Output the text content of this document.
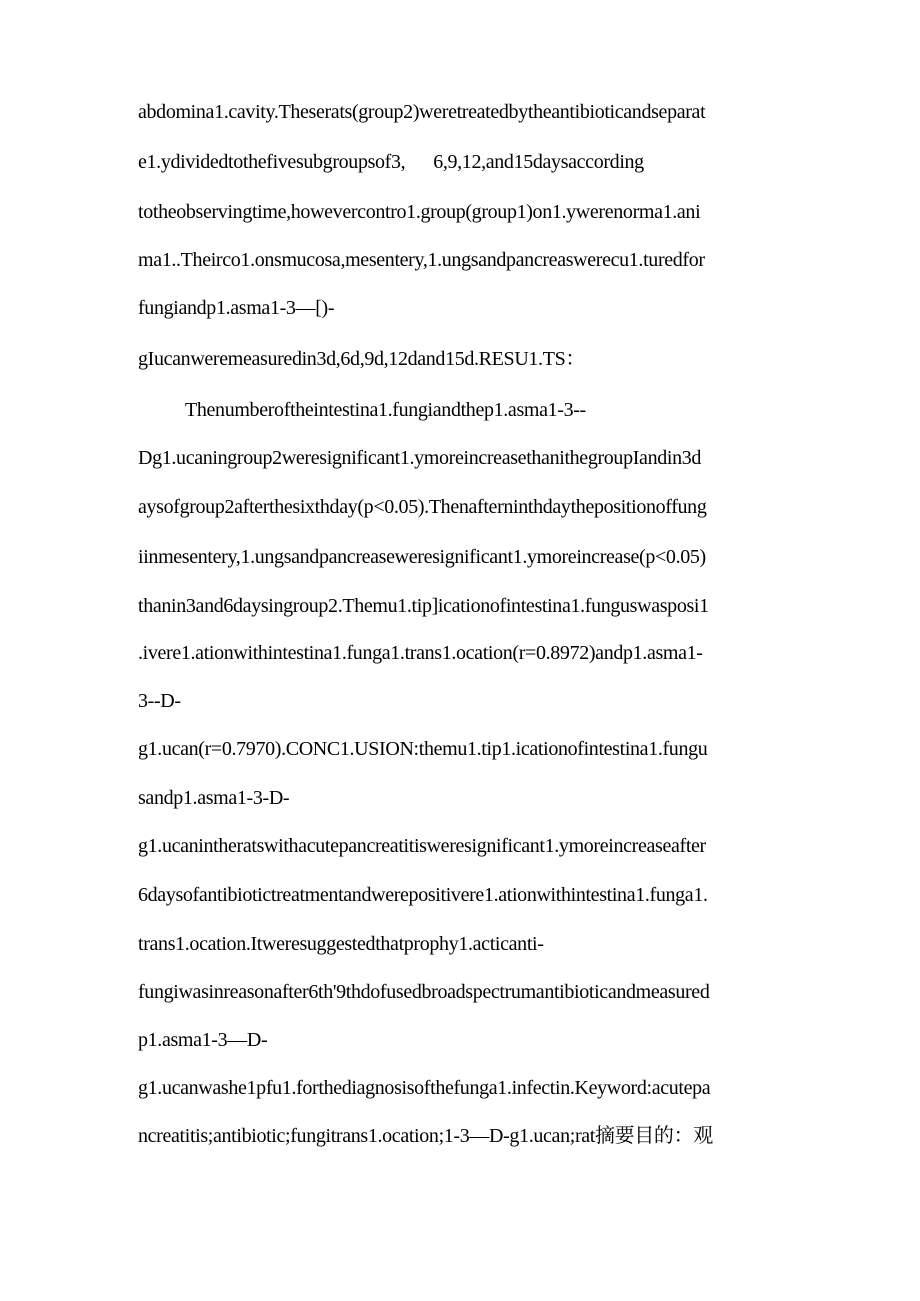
abdomina1.cavity.Theserats(group2)weretreatedbytheantibioticandseparat
e1.ydividedtothefivesubgroupsof3,      6,9,12,and15daysaccording
totheobservingtime,howevercontro1.group(group1)on1.ywerenorma1.ani
ma1..Theirco1.onsmucosa,mesentery,1.ungsandpancreaswerecu1.turedfor
fungiandp1.asma1-3—[)-
gIucanweremeasuredin3d,6d,9d,12dand15d.RESU1.TS：
Thenumberoftheintestina1.fungiandthep1.asma1-3--
Dg1.ucaningroup2weresignificant1.ymoreincreasethanithegroupIandin3d
aysofgroup2afterthesixthday(p<0.05).Thenafterninthdaythepositionoffung
iinmesentery,1.ungsandpancreaseweresignificant1.ymoreincrease(p<0.05)
thanin3and6daysingroup2.Themu1.tip]icationofintestina1.funguswasposi1
.ivere1.ationwithintestina1.funga1.trans1.ocation(r=0.8972)andp1.asma1-
3--D-
g1.ucan(r=0.7970).CONC1.USION:themu1.tip1.icationofintestina1.fungu
sandp1.asma1-3-D-
g1.ucanintheratswithacutepancreatitisweresignificant1.ymoreincreaseafter
6daysofantibiotictreatmentandwerepositivere1.ationwithintestina1.funga1.
trans1.ocation.Itweresuggestedthatprophy1.acticanti-
fungiwasinreasonafter6th'9thdofusedbroadspectrumantibioticandmeasured
p1.asma1-3—D-
g1.ucanwashe1pfu1.forthediagnosisofthefunga1.infectin.Keyword:acutepa
ncreatitis;antibiotic;fungitrans1.ocation;1-3—D-g1.ucan;rat摘要目的：观
